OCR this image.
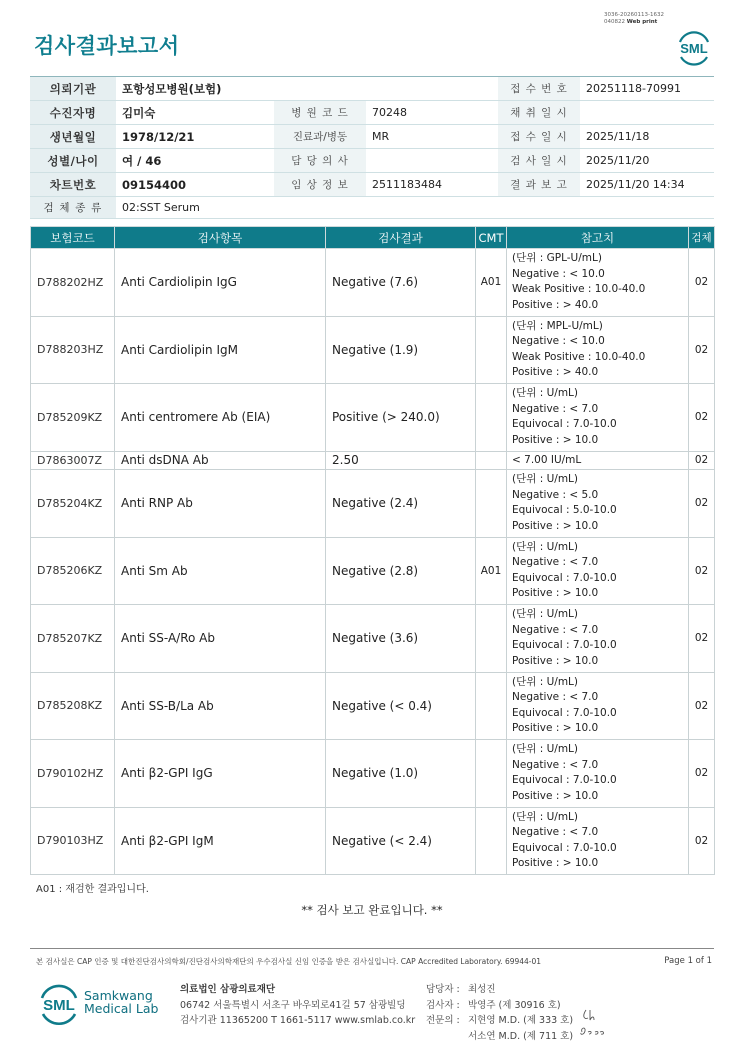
3036-20260113-1632
040822 Web print
검사결과보고서	SML
의뢰기관	포항성모병원(보험)			접 수 번 호	20251118-70991
수진자명	김미숙	병 원 코 드	70248	채 취 일 시	
생년월일	1978/12/21	진료과/병동	MR	접 수 일 시	2025/11/18
성별/나이	여 / 46	담 당 의 사		검 사 일 시	2025/11/20
차트번호	09154400	임 상 정 보	2511183484	결 과 보 고	2025/11/20 14:34
검 체 종 류	02:SST Serum				
보험코드	검사항목	검사결과	CMT	참고치	검체
D788202HZ	Anti Cardiolipin IgG	Negative (7.6)	A01	(단위 : GPL-U/mL)
Negative : < 10.0
Weak Positive : 10.0-40.0
Positive : > 40.0	02
D788203HZ	Anti Cardiolipin IgM	Negative (1.9)		(단위 : MPL-U/mL)
Negative : < 10.0
Weak Positive : 10.0-40.0
Positive : > 40.0	02
D785209KZ	Anti centromere Ab (EIA)	Positive (> 240.0)		(단위 : U/mL)
Negative : < 7.0
Equivocal : 7.0-10.0
Positive : > 10.0	02
D7863007Z	Anti dsDNA Ab	2.50		< 7.00 IU/mL	02
D785204KZ	Anti RNP Ab	Negative (2.4)		(단위 : U/mL)
Negative : < 5.0
Equivocal : 5.0-10.0
Positive : > 10.0	02
D785206KZ	Anti Sm Ab	Negative (2.8)	A01	(단위 : U/mL)
Negative : < 7.0
Equivocal : 7.0-10.0
Positive : > 10.0	02
D785207KZ	Anti SS-A/Ro Ab	Negative (3.6)		(단위 : U/mL)
Negative : < 7.0
Equivocal : 7.0-10.0
Positive : > 10.0	02
D785208KZ	Anti SS-B/La Ab	Negative (< 0.4)		(단위 : U/mL)
Negative : < 7.0
Equivocal : 7.0-10.0
Positive : > 10.0	02
D790102HZ	Anti β2-GPI IgG	Negative (1.0)		(단위 : U/mL)
Negative : < 7.0
Equivocal : 7.0-10.0
Positive : > 10.0	02
D790103HZ	Anti β2-GPI IgM	Negative (< 2.4)		(단위 : U/mL)
Negative : < 7.0
Equivocal : 7.0-10.0
Positive : > 10.0	02
A01 : 재검한 결과입니다.
** 검사 보고 완료입니다. **
본 검사실은 CAP 인증 및 대한진단검사의학회/진단검사의학재단의 우수검사실 신임 인증을 받은 검사실입니다. CAP Accredited Laboratory. 69944-01	Page 1 of 1
SML
Samkwang
Medical Lab
의료법인 삼광의료재단
06742 서울특별시 서초구 바우뫼로41길 57 삼광빌딩
검사기관 11365200 T 1661-5117 www.smlab.co.kr
담당자 : 최성진
검사자 : 박영주 (제 30916 호)
전문의 : 지현영 M.D. (제 333 호)
서소연 M.D. (제 711 호)
